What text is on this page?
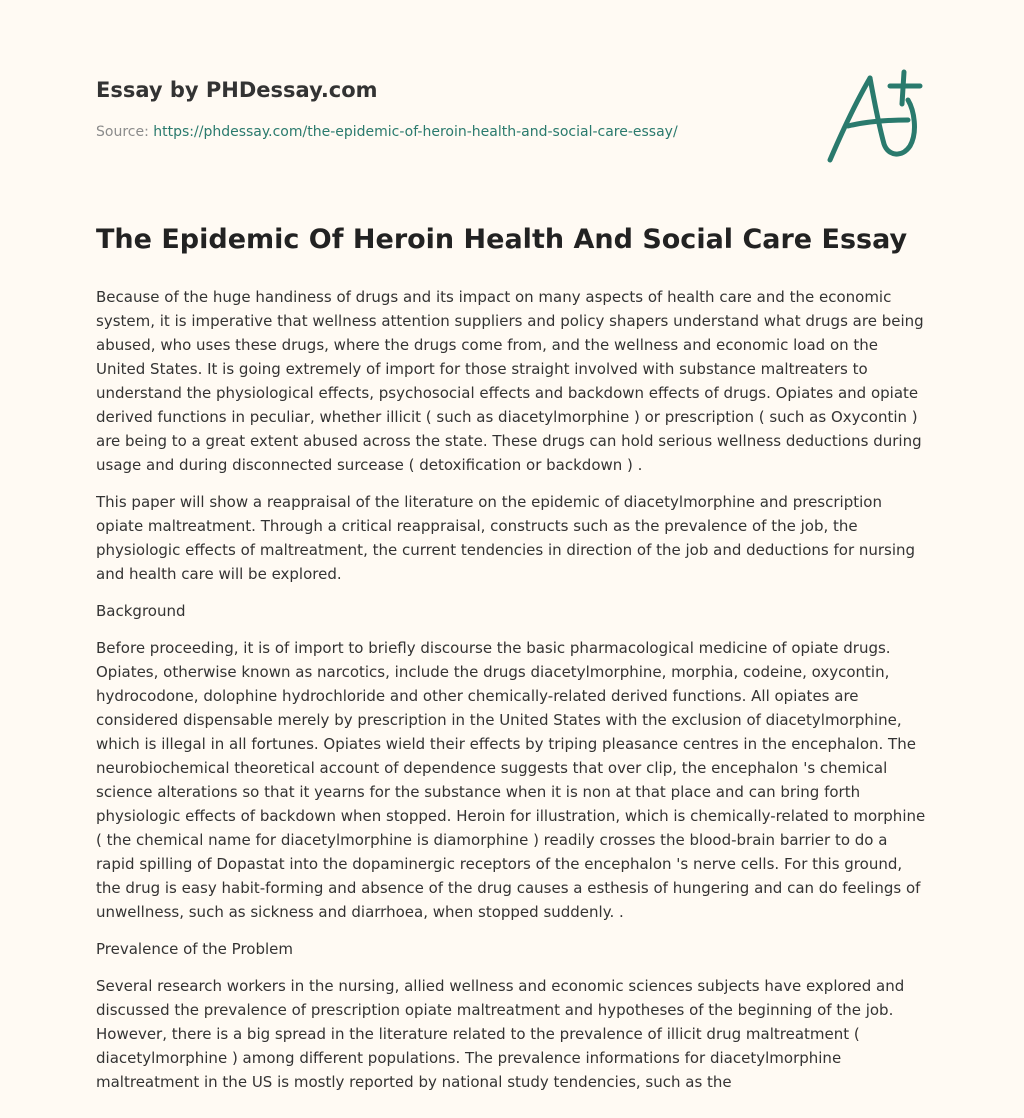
Essay by PHDessay.com
Source: https://phdessay.com/the-epidemic-of-heroin-health-and-social-care-essay/
The Epidemic Of Heroin Health And Social Care Essay

Because of the huge handiness of drugs and its impact on many aspects of health care and the economic system, it is imperative that wellness attention suppliers and policy shapers understand what drugs are being abused, who uses these drugs, where the drugs come from, and the wellness and economic load on the United States. It is going extremely of import for those straight involved with substance maltreaters to understand the physiological effects, psychosocial effects and backdown effects of drugs. Opiates and opiate derived functions in peculiar, whether illicit ( such as diacetylmorphine ) or prescription ( such as Oxycontin ) are being to a great extent abused across the state. These drugs can hold serious wellness deductions during usage and during disconnected surcease ( detoxification or backdown ) .

This paper will show a reappraisal of the literature on the epidemic of diacetylmorphine and prescription opiate maltreatment. Through a critical reappraisal, constructs such as the prevalence of the job, the physiologic effects of maltreatment, the current tendencies in direction of the job and deductions for nursing and health care will be explored.

Background

Before proceeding, it is of import to briefly discourse the basic pharmacological medicine of opiate drugs. Opiates, otherwise known as narcotics, include the drugs diacetylmorphine, morphia, codeine, oxycontin, hydrocodone, dolophine hydrochloride and other chemically-related derived functions. All opiates are considered dispensable merely by prescription in the United States with the exclusion of diacetylmorphine, which is illegal in all fortunes. Opiates wield their effects by triping pleasance centres in the encephalon. The neurobiochemical theoretical account of dependence suggests that over clip, the encephalon 's chemical science alterations so that it yearns for the substance when it is non at that place and can bring forth physiologic effects of backdown when stopped. Heroin for illustration, which is chemically-related to morphine ( the chemical name for diacetylmorphine is diamorphine ) readily crosses the blood-brain barrier to do a rapid spilling of Dopastat into the dopaminergic receptors of the encephalon 's nerve cells. For this ground, the drug is easy habit-forming and absence of the drug causes a esthesis of hungering and can do feelings of unwellness, such as sickness and diarrhoea, when stopped suddenly. .

Prevalence of the Problem

Several research workers in the nursing, allied wellness and economic sciences subjects have explored and discussed the prevalence of prescription opiate maltreatment and hypotheses of the beginning of the job. However, there is a big spread in the literature related to the prevalence of illicit drug maltreatment ( diacetylmorphine ) among different populations. The prevalence informations for diacetylmorphine maltreatment in the US is mostly reported by national study tendencies, such as the
